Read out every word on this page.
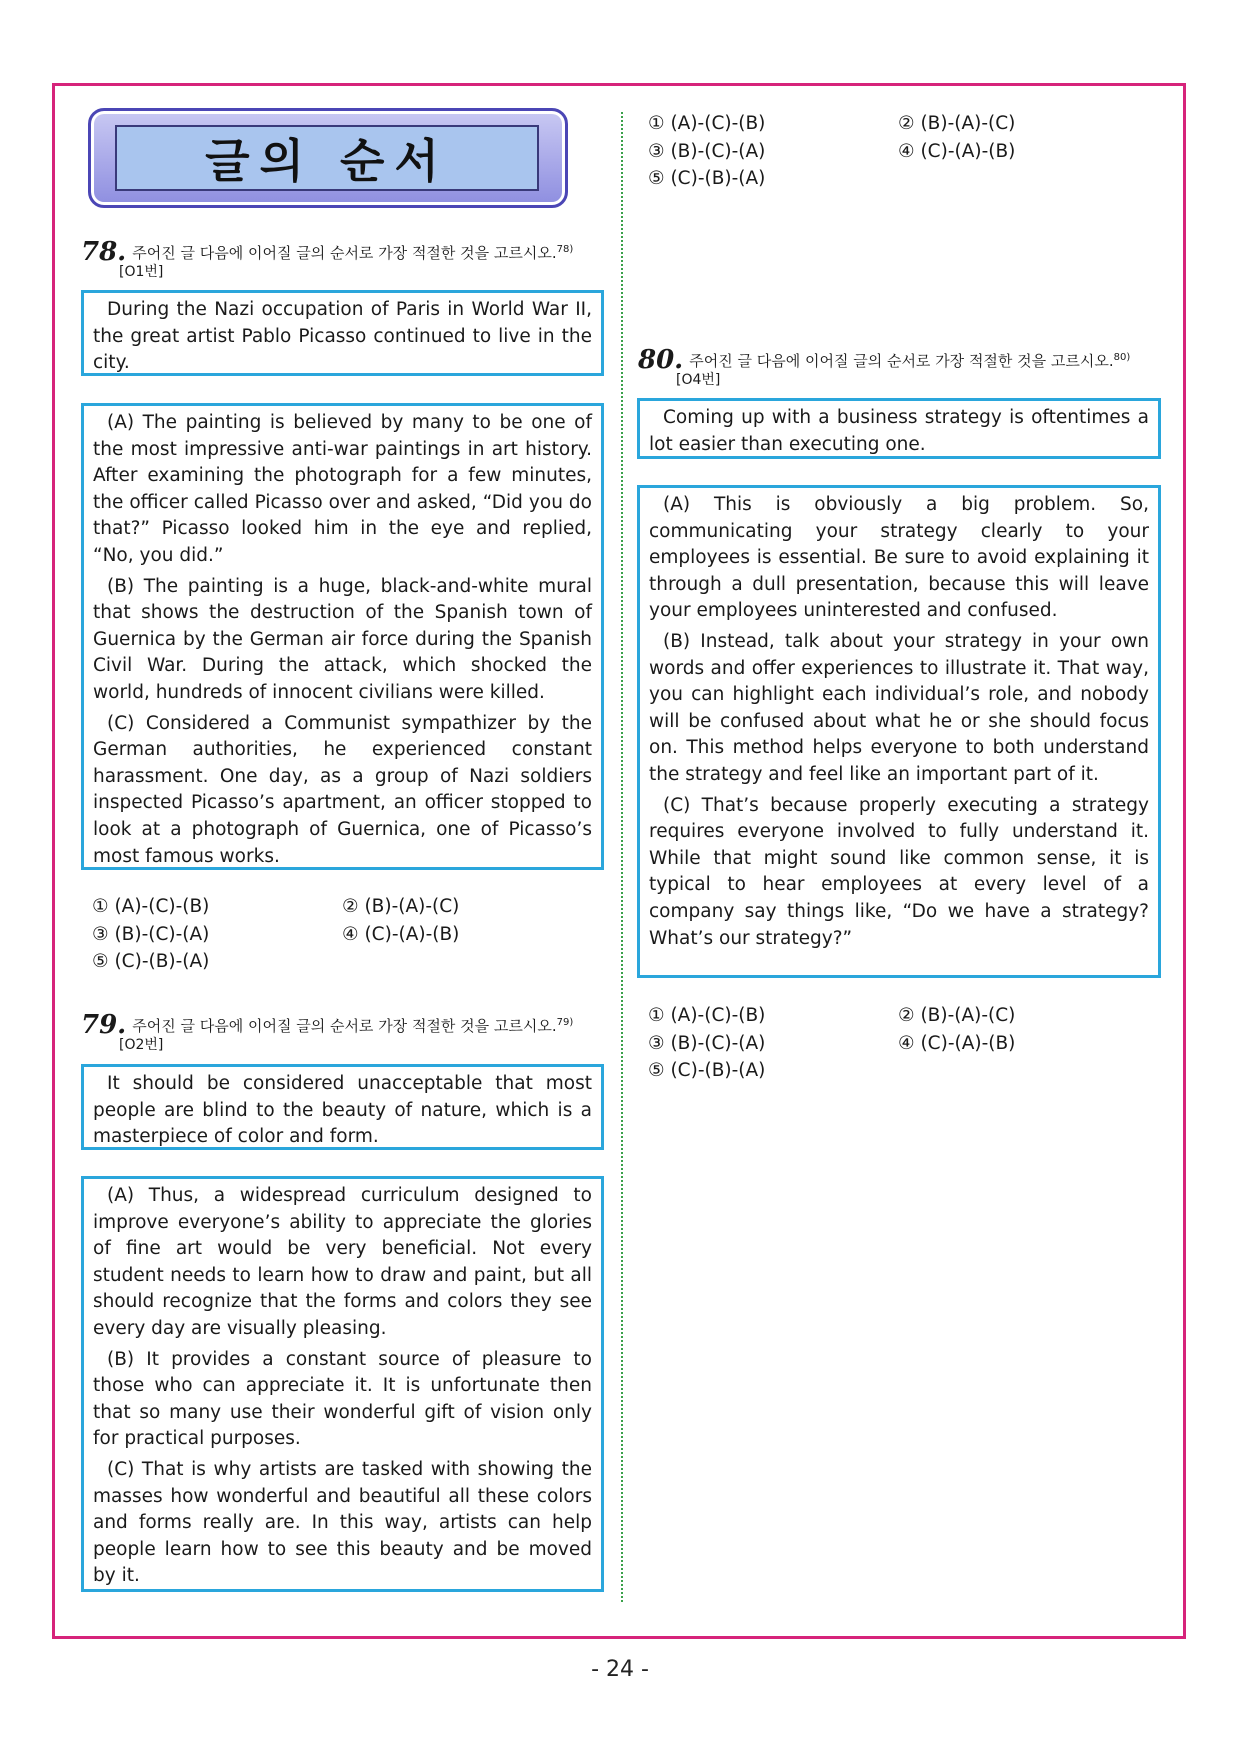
글의 순서
78. 주어진 글 다음에 이어질 글의 순서로 가장 적절한 것을 고르시오.$^{78)}$
[O1번]

During the Nazi occupation of Paris in World War II, the great artist Pablo Picasso continued to live in the city.

(A) The painting is believed by many to be one of the most impressive anti-war paintings in art history. After examining the photograph for a few minutes, the officer called Picasso over and asked, “Did you do that?” Picasso looked him in the eye and replied, “No, you did.”

(B) The painting is a huge, black-and-white mural that shows the destruction of the Spanish town of Guernica by the German air force during the Spanish Civil War. During the attack, which shocked the world, hundreds of innocent civilians were killed.

(C) Considered a Communist sympathizer by the German authorities, he experienced constant harassment. One day, as a group of Nazi soldiers inspected Picasso’s apartment, an officer stopped to look at a photograph of Guernica, one of Picasso’s most famous works.

① (A)-(C)-(B)	② (B)-(A)-(C)
③ (B)-(C)-(A)	④ (C)-(A)-(B)
⑤ (C)-(B)-(A)
79. 주어진 글 다음에 이어질 글의 순서로 가장 적절한 것을 고르시오.$^{79)}$
[O2번]

It should be considered unacceptable that most people are blind to the beauty of nature, which is a masterpiece of color and form.

(A) Thus, a widespread curriculum designed to improve everyone’s ability to appreciate the glories of fine art would be very beneficial. Not every student needs to learn how to draw and paint, but all should recognize that the forms and colors they see every day are visually pleasing.

(B) It provides a constant source of pleasure to those who can appreciate it. It is unfortunate then that so many use their wonderful gift of vision only for practical purposes.

(C) That is why artists are tasked with showing the masses how wonderful and beautiful all these colors and forms really are. In this way, artists can help people learn how to see this beauty and be moved by it.

① (A)-(C)-(B)	② (B)-(A)-(C)
③ (B)-(C)-(A)	④ (C)-(A)-(B)
⑤ (C)-(B)-(A)
80. 주어진 글 다음에 이어질 글의 순서로 가장 적절한 것을 고르시오.$^{80)}$
[O4번]

Coming up with a business strategy is oftentimes a lot easier than executing one.

(A) This is obviously a big problem. So, communicating your strategy clearly to your employees is essential. Be sure to avoid explaining it through a dull presentation, because this will leave your employees uninterested and confused.

(B) Instead, talk about your strategy in your own words and offer experiences to illustrate it. That way, you can highlight each individual’s role, and nobody will be confused about what he or she should focus on. This method helps everyone to both understand the strategy and feel like an important part of it.

(C) That’s because properly executing a strategy requires everyone involved to fully understand it. While that might sound like common sense, it is typical to hear employees at every level of a company say things like, “Do we have a strategy? What’s our strategy?”

① (A)-(C)-(B)	② (B)-(A)-(C)
③ (B)-(C)-(A)	④ (C)-(A)-(B)
⑤ (C)-(B)-(A)
- 24 -
